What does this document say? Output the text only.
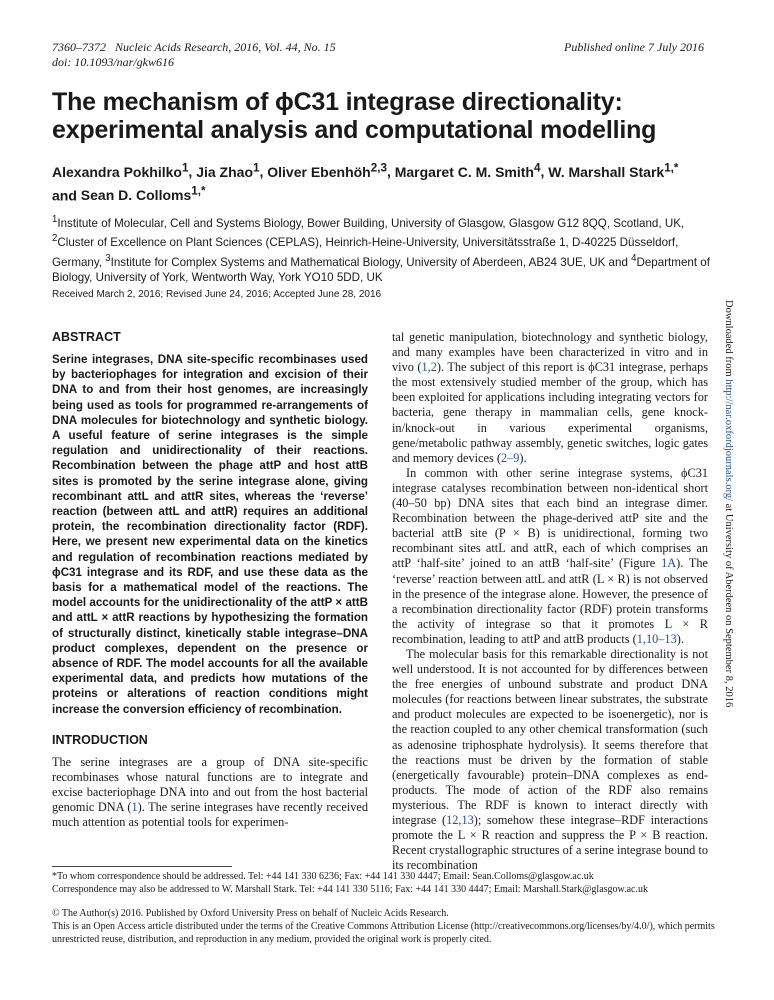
7360–7372 Nucleic Acids Research, 2016, Vol. 44, No. 15
doi: 10.1093/nar/gkw616
Published online 7 July 2016
The mechanism of ϕC31 integrase directionality: experimental analysis and computational modelling
Alexandra Pokhilko$^1$, Jia Zhao$^1$, Oliver Ebenhöh$^{2,3}$, Margaret C. M. Smith$^4$, W. Marshall Stark$^{1,*}$ and Sean D. Colloms$^{1,*}$
$^1$Institute of Molecular, Cell and Systems Biology, Bower Building, University of Glasgow, Glasgow G12 8QQ, Scotland, UK, $^2$Cluster of Excellence on Plant Sciences (CEPLAS), Heinrich-Heine-University, Universitätsstraße 1, D-40225 Düsseldorf, Germany, $^3$Institute for Complex Systems and Mathematical Biology, University of Aberdeen, AB24 3UE, UK and $^4$Department of Biology, University of York, Wentworth Way, York YO10 5DD, UK
Received March 2, 2016; Revised June 24, 2016; Accepted June 28, 2016
ABSTRACT

Serine integrases, DNA site-specific recombinases used by bacteriophages for integration and excision of their DNA to and from their host genomes, are increasingly being used as tools for programmed re-arrangements of DNA molecules for biotechnology and synthetic biology. A useful feature of serine integrases is the simple regulation and unidirectionality of their reactions. Recombination between the phage attP and host attB sites is promoted by the serine integrase alone, giving recombinant attL and attR sites, whereas the ‘reverse’ reaction (between attL and attR) requires an additional protein, the recombination directionality factor (RDF). Here, we present new experimental data on the kinetics and regulation of recombination reactions mediated by ϕC31 integrase and its RDF, and use these data as the basis for a mathematical model of the reactions. The model accounts for the unidirectionality of the attP × attB and attL × attR reactions by hypothesizing the formation of structurally distinct, kinetically stable integrase–DNA product complexes, dependent on the presence or absence of RDF. The model accounts for all the available experimental data, and predicts how mutations of the proteins or alterations of reaction conditions might increase the conversion efficiency of recombination.

INTRODUCTION

The serine integrases are a group of DNA site-specific recombinases whose natural functions are to integrate and excise bacteriophage DNA into and out from the host bacterial genomic DNA (1). The serine integrases have recently received much attention as potential tools for experimen-

tal genetic manipulation, biotechnology and synthetic biology, and many examples have been characterized in vitro and in vivo (1,2). The subject of this report is ϕC31 integrase, perhaps the most extensively studied member of the group, which has been exploited for applications including integrating vectors for bacteria, gene therapy in mammalian cells, gene knock-in/knock-out in various experimental organisms, gene/metabolic pathway assembly, genetic switches, logic gates and memory devices (2–9).

In common with other serine integrase systems, ϕC31 integrase catalyses recombination between non-identical short (40–50 bp) DNA sites that each bind an integrase dimer. Recombination between the phage-derived attP site and the bacterial attB site (P × B) is unidirectional, forming two recombinant sites attL and attR, each of which comprises an attP ‘half-site’ joined to an attB ‘half-site’ (Figure 1A). The ‘reverse’ reaction between attL and attR (L × R) is not observed in the presence of the integrase alone. However, the presence of a recombination directionality factor (RDF) protein transforms the activity of integrase so that it promotes L × R recombination, leading to attP and attB products (1,10–13).

The molecular basis for this remarkable directionality is not well understood. It is not accounted for by differences between the free energies of unbound substrate and product DNA molecules (for reactions between linear substrates, the substrate and product molecules are expected to be isoenergetic), nor is the reaction coupled to any other chemical transformation (such as adenosine triphosphate hydrolysis). It seems therefore that the reactions must be driven by the formation of stable (energetically favourable) protein–DNA complexes as end-products. The mode of action of the RDF also remains mysterious. The RDF is known to interact directly with integrase (12,13); somehow these integrase–RDF interactions promote the L × R reaction and suppress the P × B reaction. Recent crystallographic structures of a serine integrase bound to its recombination

Downloaded from http://nar.oxfordjournals.org/ at University of Aberdeen on September 8, 2016
*To whom correspondence should be addressed. Tel: +44 141 330 6236; Fax: +44 141 330 4447; Email: Sean.Colloms@glasgow.ac.uk
Correspondence may also be addressed to W. Marshall Stark. Tel: +44 141 330 5116; Fax: +44 141 330 4447; Email: Marshall.Stark@glasgow.ac.uk

© The Author(s) 2016. Published by Oxford University Press on behalf of Nucleic Acids Research.

This is an Open Access article distributed under the terms of the Creative Commons Attribution License (http://creativecommons.org/licenses/by/4.0/), which permits unrestricted reuse, distribution, and reproduction in any medium, provided the original work is properly cited.
